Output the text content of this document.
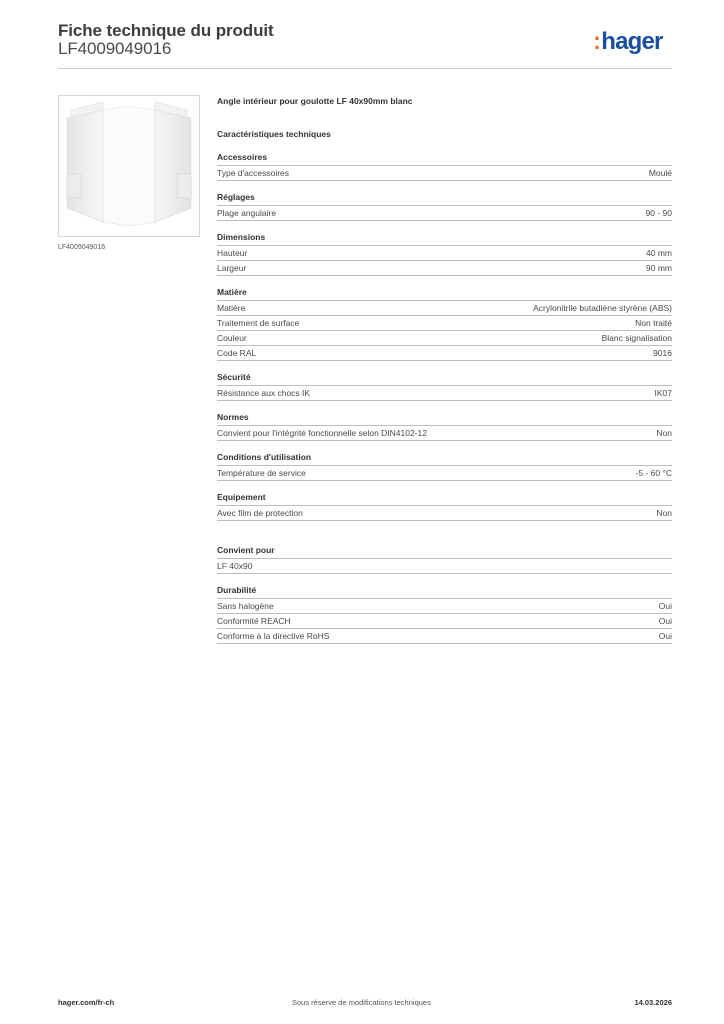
Fiche technique du produit
LF4009049016	:hager
LF4009049016
Angle intérieur pour goulotte LF 40x90mm blanc
Caractéristiques techniques
Accessoires
Type d'accessoires	Moulé
Réglages
Plage angulaire	90 - 90
Dimensions
Hauteur	40 mm
Largeur	90 mm
Matière
Matière	Acrylonitrile butadiène styrène (ABS)
Traitement de surface	Non traité
Couleur	Blanc signalisation
Code RAL	9016
Sécurité
Résistance aux chocs IK	IK07
Normes
Convient pour l'intégrité fonctionnelle selon DIN4102-12	Non
Conditions d'utilisation
Température de service	-5 - 60 °C
Equipement
Avec film de protection	Non
Convient pour
LF 40x90
Durabilité
Sans halogène	Oui
Conformité REACH	Oui
Conforme à la directive RoHS	Oui
hager.com/fr-ch	Sous réserve de modifications techniques	14.03.2026
